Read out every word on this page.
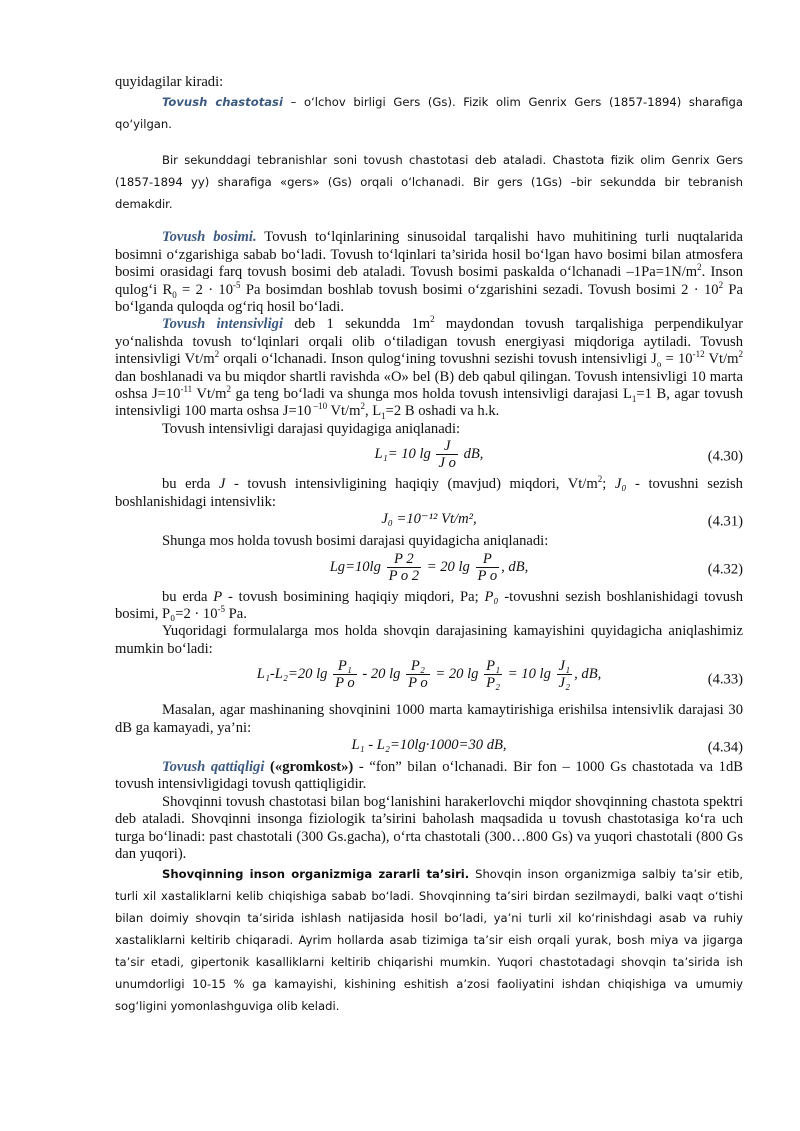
quyidagilar kiradi:

Tovush chastotasi – o‘lchov birligi Gers (Gs). Fizik olim Genrix Gers (1857-1894) sharafiga qo‘yilgan.

Bir sekunddagi tebranishlar soni tovush chastotasi deb ataladi. Chastota fizik olim Genrix Gers (1857-1894 yy) sharafiga «gers» (Gs) orqali o‘lchanadi. Bir gers (1Gs) –bir sekundda bir tebranish demakdir.

Tovush bosimi. Tovush to‘lqinlarining sinusoidal tarqalishi havo muhitining turli nuqtalarida bosimni o‘zgarishiga sabab bo‘ladi. Tovush to‘lqinlari ta’sirida hosil bo‘lgan havo bosimi bilan atmosfera bosimi orasidagi farq tovush bosimi deb ataladi. Tovush bosimi paskalda o‘lchanadi $-1Pa=1N/m^2$. Inson qulog‘i $R_0 = 2 \cdot 10^{-5}$ Pa bosimdan boshlab tovush bosimi o‘zgarishini sezadi. Tovush bosimi $2 \cdot 10^2$ Pa bo‘lganda quloqda og‘riq hosil bo‘ladi.

Tovush intensivligi deb 1 sekundda $1m^2$ maydondan tovush tarqalishiga perpendikulyar yo‘nalishda tovush to‘lqinlari orqali olib o‘tiladigan tovush energiyasi miqdoriga aytiladi. Tovush intensivligi $Vt/m^2$ orqali o‘lchanadi. Inson qulog‘ining tovushni sezishi tovush intensivligi $J_o = 10^{-12}$ $Vt/m^2$ dan boshlanadi va bu miqdor shartli ravishda «O» bel (B) deb qabul qilingan. Tovush intensivligi 10 marta oshsa $J=10^{-11}$ $Vt/m^2$ ga teng bo‘ladi va shunga mos holda tovush intensivligi darajasi $L_1=1$ B, agar tovush intensivligi 100 marta oshsa J=10 $^{-10}$ $Vt/m^2$, $L_1=2$ B oshadi va h.k.

Tovush intensivligi darajasi quyidagiga aniqlanadi:

L₁= 10 $\lg \frac{J}{\text{J o}}$ dB,	(4.30)

bu erda J - tovush intensivligining haqiqiy (mavjud) miqdori, $Vt/m^2$; J₀ - tovushni sezish boshlanishidagi intensivlik:

J₀ =10⁻¹² Vt/m²,	(4.31)

Shunga mos holda tovush bosimi darajasi quyidagicha aniqlanadi:

$Lg=10\lg \frac{P 2}{\text{P o 2}} = 20$ $\lg \frac{P}{\text{P o}}$ , dB,	(4.32)

bu erda P - tovush bosimining haqiqiy miqdori, Pa; P₀ -tovushni sezish boshlanishidagi tovush bosimi, $P_0=2 \cdot 10^{-5}$ Pa.

Yuqoridagi formulalarga mos holda shovqin darajasining kamayishini quyidagicha aniqlashimiz mumkin bo‘ladi:

L₁-L₂=20 $\lg \frac{\text{P₁}}{\text{P o}} - 20$ $\lg \frac{\text{P₂}}{\text{P o}} = 20$ $\lg \frac{\text{P₁}}{\text{P₂}} = 10$ $\lg \frac{\text{J₁}}{\text{J₂}}$ , dB,	(4.33)

Masalan, agar mashinaning shovqinini 1000 marta kamaytirishiga erishilsa intensivlik darajasi 30 dB ga kamayadi, ya’ni:

L₁ - L₂=10lg·1000=30 dB,	(4.34)

Tovush qattiqligi («gromkost») - “fon” bilan o‘lchanadi. Bir fon – 1000 Gs chastotada va 1dB tovush intensivligidagi tovush qattiqligidir.

Shovqinni tovush chastotasi bilan bog‘lanishini harakerlovchi miqdor shovqinning chastota spektri deb ataladi. Shovqinni insonga fiziologik ta’sirini baholash maqsadida u tovush chastotasiga ko‘ra uch turga bo‘linadi: past chastotali (300 Gs.gacha), o‘rta chastotali (300…800 Gs) va yuqori chastotali (800 Gs dan yuqori).

Shovqinning inson organizmiga zararli ta’siri. Shovqin inson organizmiga salbiy ta’sir etib, turli xil xastaliklarni kelib chiqishiga sabab bo‘ladi. Shovqinning ta’siri birdan sezilmaydi, balki vaqt o‘tishi bilan doimiy shovqin ta’sirida ishlash natijasida hosil bo‘ladi, ya’ni turli xil ko‘rinishdagi asab va ruhiy xastaliklarni keltirib chiqaradi. Ayrim hollarda asab tizimiga ta’sir eish orqali yurak, bosh miya va jigarga ta’sir etadi, gipertonik kasalliklarni keltirib chiqarishi mumkin. Yuqori chastotadagi shovqin ta’sirida ish unumdorligi 10-15 % ga kamayishi, kishining eshitish a’zosi faoliyatini ishdan chiqishiga va umumiy sog‘ligini yomonlashguviga olib keladi.
